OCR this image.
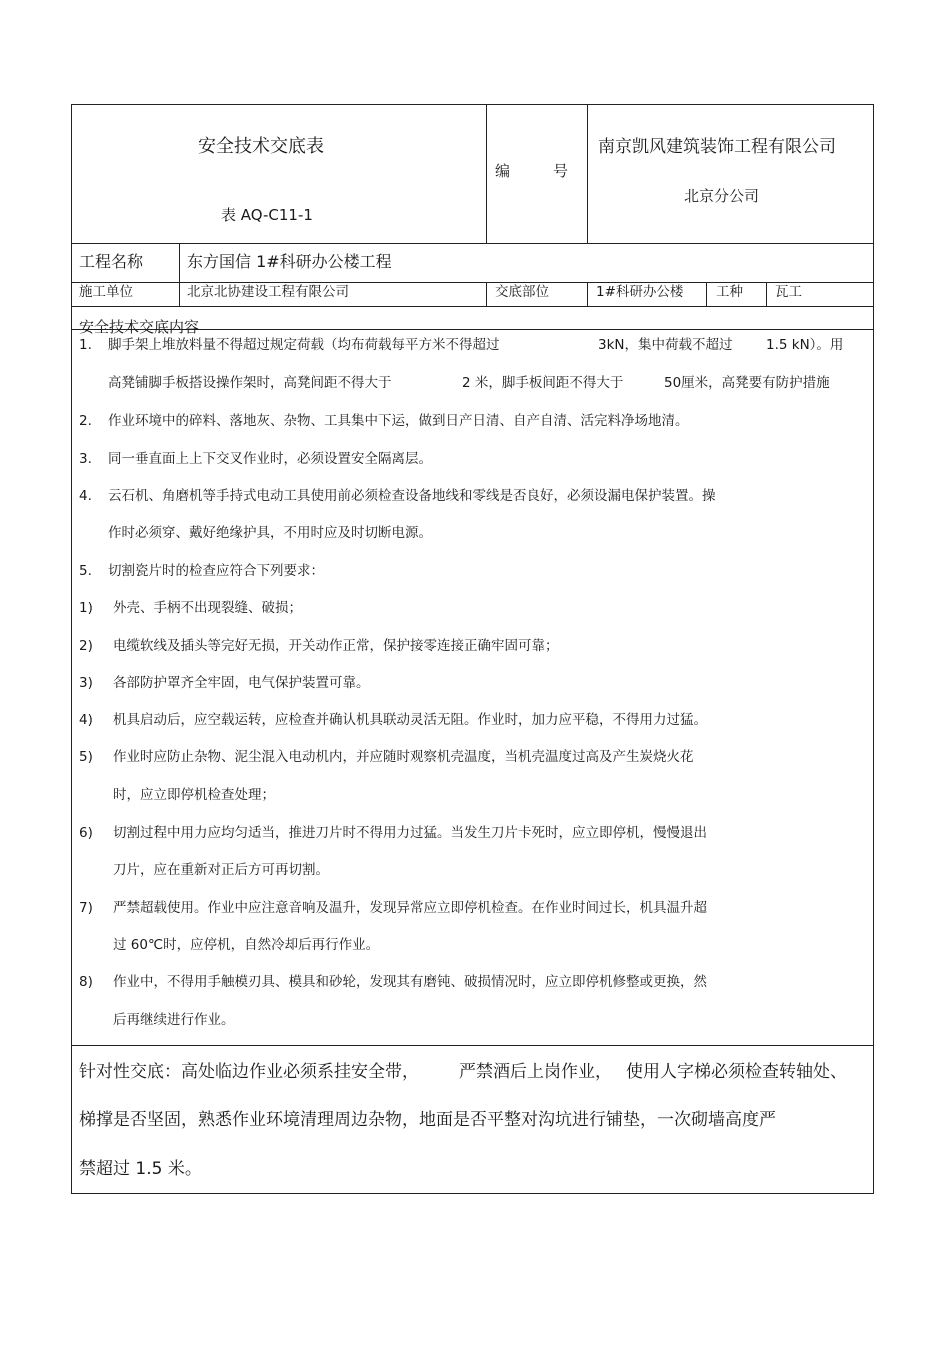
安全技术交底表
表 AQ-C11-1
编	号
南京凯风建筑装饰工程有限公司
北京分公司
工程名称	东方国信 1#科研办公楼工程
施工单位	北京北协建设工程有限公司	交底部位	1#科研办公楼 工种 瓦工
安全技术交底内容
1. 脚手架上堆放料量不得超过规定荷载（均布荷载每平方米不得超过	3kN，集中荷载不超过 1.5 kN）。用
高凳铺脚手板搭设操作架时，高凳间距不得大于	2 米，脚手板间距不得大于	50厘米，高凳要有防护措施
2. 作业环境中的碎料、落地灰、杂物、工具集中下运，做到日产日清、自产自清、活完料净场地清。
3. 同一垂直面上上下交叉作业时，必须设置安全隔离层。
4. 云石机、角磨机等手持式电动工具使用前必须检查设备地线和零线是否良好，必须设漏电保护装置。操
作时必须穿、戴好绝缘护具，不用时应及时切断电源。
5. 切割瓷片时的检查应符合下列要求：
1) 外壳、手柄不出现裂缝、破损；
2) 电缆软线及插头等完好无损，开关动作正常，保护接零连接正确牢固可靠；
3) 各部防护罩齐全牢固，电气保护装置可靠。
4) 机具启动后，应空载运转，应检查并确认机具联动灵活无阻。作业时，加力应平稳，不得用力过猛。
5) 作业时应防止杂物、泥尘混入电动机内，并应随时观察机壳温度，当机壳温度过高及产生炭烧火花
时，应立即停机检查处理；
6) 切割过程中用力应均匀适当，推进刀片时不得用力过猛。当发生刀片卡死时，应立即停机，慢慢退出
刀片，应在重新对正后方可再切割。
7) 严禁超载使用。作业中应注意音响及温升，发现异常应立即停机检查。在作业时间过长，机具温升超
过 60℃时，应停机，自然冷却后再行作业。
8) 作业中，不得用手触模刃具、模具和砂轮，发现其有磨钝、破损情况时，应立即停机修整或更换，然
后再继续进行作业。
针对性交底：高处临边作业必须系挂安全带， 严禁酒后上岗作业， 使用人字梯必须检查转轴处、
梯撑是否坚固，熟悉作业环境清理周边杂物，地面是否平整对沟坑进行铺垫，一次砌墙高度严
禁超过 1.5 米。
